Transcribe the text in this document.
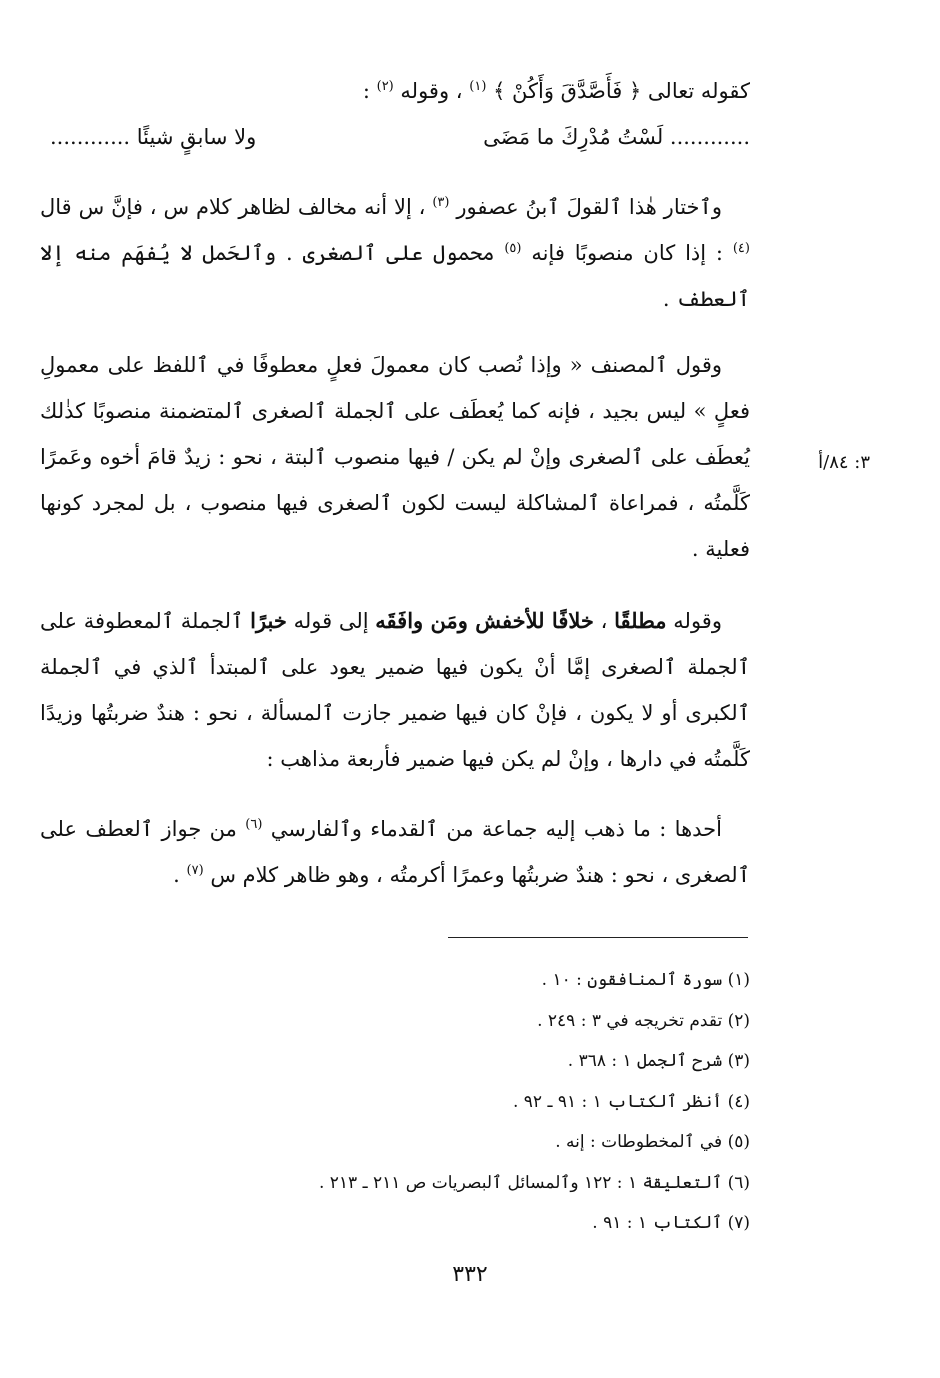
كقوله تعالى ﴿ فَأَصَّدَّقَ وَأَكُنْ ﴾ $^{(١)}$ ، وقوله $^{(٢)}$ :
............ لَسْتُ مُدْرِكَ ما مَضَى
ولا سابقٍ شيئًا ............

وٱختار هٰذا ٱلقولَ ٱبنُ عصفور $^{(٣)}$ ، إلا أنه مخالف لظاهر كلام س ، فإنَّ س قال $^{(٤)}$ : إذا كان منصوبًا فإنه $^{(٥)}$ محمول على ٱلصغرى . وٱلحَمل لا يُفهَم منه إلا ٱلعطف .

وقول ٱلمصنف « وإذا نُصب كان معمولَ فعلٍ معطوفًا في ٱللفظ على معمولِ فعلٍ » ليس بجيد ، فإنه كما يُعطَف على ٱلجملة ٱلصغرى ٱلمتضمنة منصوبًا كذٰلك يُعطَف على ٱلصغرى وإنْ لم يكن / فيها منصوب ٱلبتة ، نحو : زيدٌ قامَ أخوه وعَمرًا كَلَّمتُه ، فمراعاة ٱلمشاكلة ليست لكون ٱلصغرى فيها منصوب ، بل لمجرد كونها فعلية .

٣: ٨٤/أ

وقوله مطلقًا ، خلافًا للأخفش ومَن وافَقَه إلى قوله خبرًا ٱلجملة ٱلمعطوفة على ٱلجملة ٱلصغرى إمَّا أنْ يكون فيها ضمير يعود على ٱلمبتدأ ٱلذي في ٱلجملة ٱلكبرى أو لا يكون ، فإنْ كان فيها ضمير جازت ٱلمسألة ، نحو : هندٌ ضربتُها وزيدًا كَلَّمتُه في دارها ، وإنْ لم يكن فيها ضمير فأربعة مذاهب :

أحدها : ما ذهب إليه جماعة من ٱلقدماء وٱلفارسي $^{(٦)}$ من جواز ٱلعطف على ٱلصغرى ، نحو : هندٌ ضربتُها وعمرًا أكرمتُه ، وهو ظاهر كلام س $^{(٧)}$ .

(١) سورة ٱلمنافقون : ١٠ .
(٢) تقدم تخريجه في ٣ : ٢٤٩ .
(٣) شرح ٱلجمل ١ : ٣٦٨ .
(٤) أنظر ٱلكتاب ١ : ٩١ ـ ٩٢ .
(٥) في ٱلمخطوطات : إنه .
(٦) ٱلتعليقة ١ : ١٢٢ وٱلمسائل ٱلبصريات ص ٢١١ ـ ٢١٣ .
(٧) ٱلكتاب ١ : ٩١ .
٣٣٢
